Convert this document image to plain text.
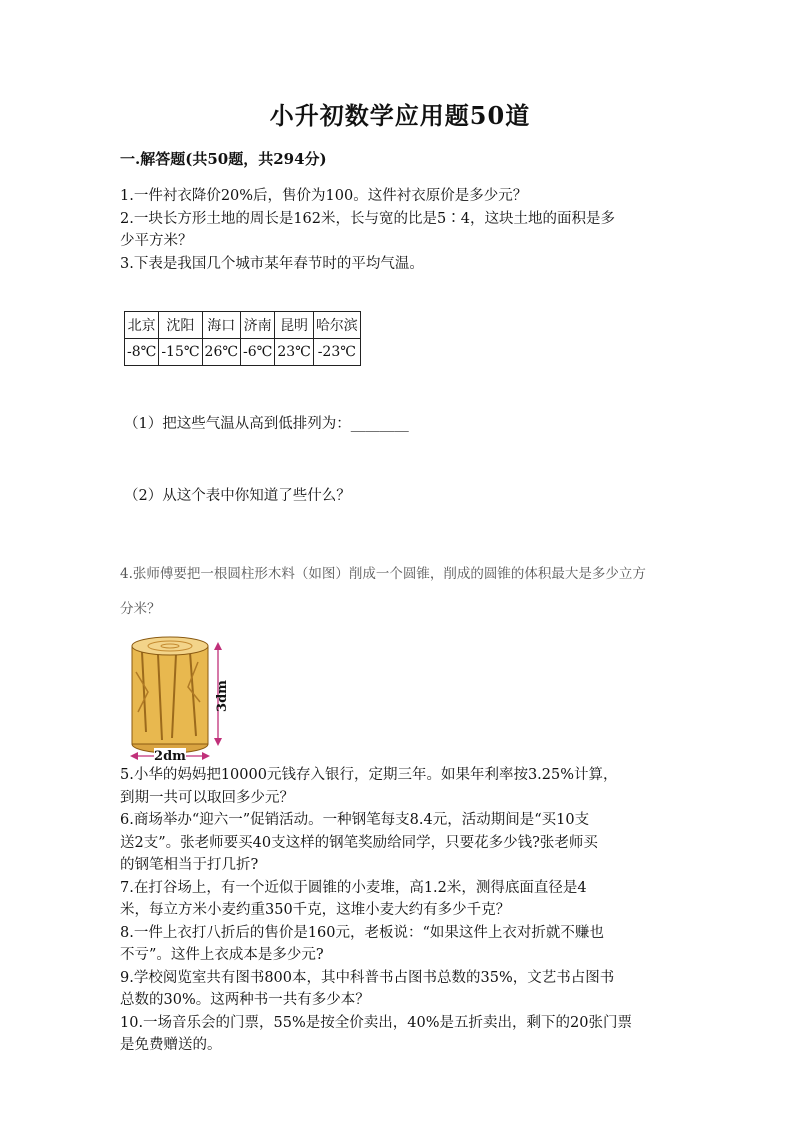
小升初数学应用题50道
一.解答题(共50题，共294分)
1.一件衬衣降价20%后，售价为100。这件衬衣原价是多少元？
2.一块长方形土地的周长是162米，长与宽的比是5∶4，这块土地的面积是多
少平方米？
3.下表是我国几个城市某年春节时的平均气温。
北京	沈阳	海口	济南	昆明	哈尔滨
-8℃	-15℃	26℃	-6℃	23℃	-23℃
（1）把这些气温从高到低排列为：________
（2）从这个表中你知道了些什么？
4.张师傅要把一根圆柱形木料（如图）削成一个圆锥，削成的圆锥的体积最大是多少立方
分米？
3dm
2dm
5.小华的妈妈把10000元钱存入银行，定期三年。如果年利率按3.25%计算，
到期一共可以取回多少元？
6.商场举办“迎六一”促销活动。一种钢笔每支8.4元，活动期间是“买10支
送2支”。张老师要买40支这样的钢笔奖励给同学，只要花多少钱?张老师买
的钢笔相当于打几折?
7.在打谷场上，有一个近似于圆锥的小麦堆，高1.2米，测得底面直径是4
米，每立方米小麦约重350千克，这堆小麦大约有多少千克？
8.一件上衣打八折后的售价是160元，老板说：“如果这件上衣对折就不赚也
不亏”。这件上衣成本是多少元?
9.学校阅览室共有图书800本，其中科普书占图书总数的35%，文艺书占图书
总数的30%。这两种书一共有多少本？
10.一场音乐会的门票，55%是按全价卖出，40%是五折卖出，剩下的20张门票
是免费赠送的。
